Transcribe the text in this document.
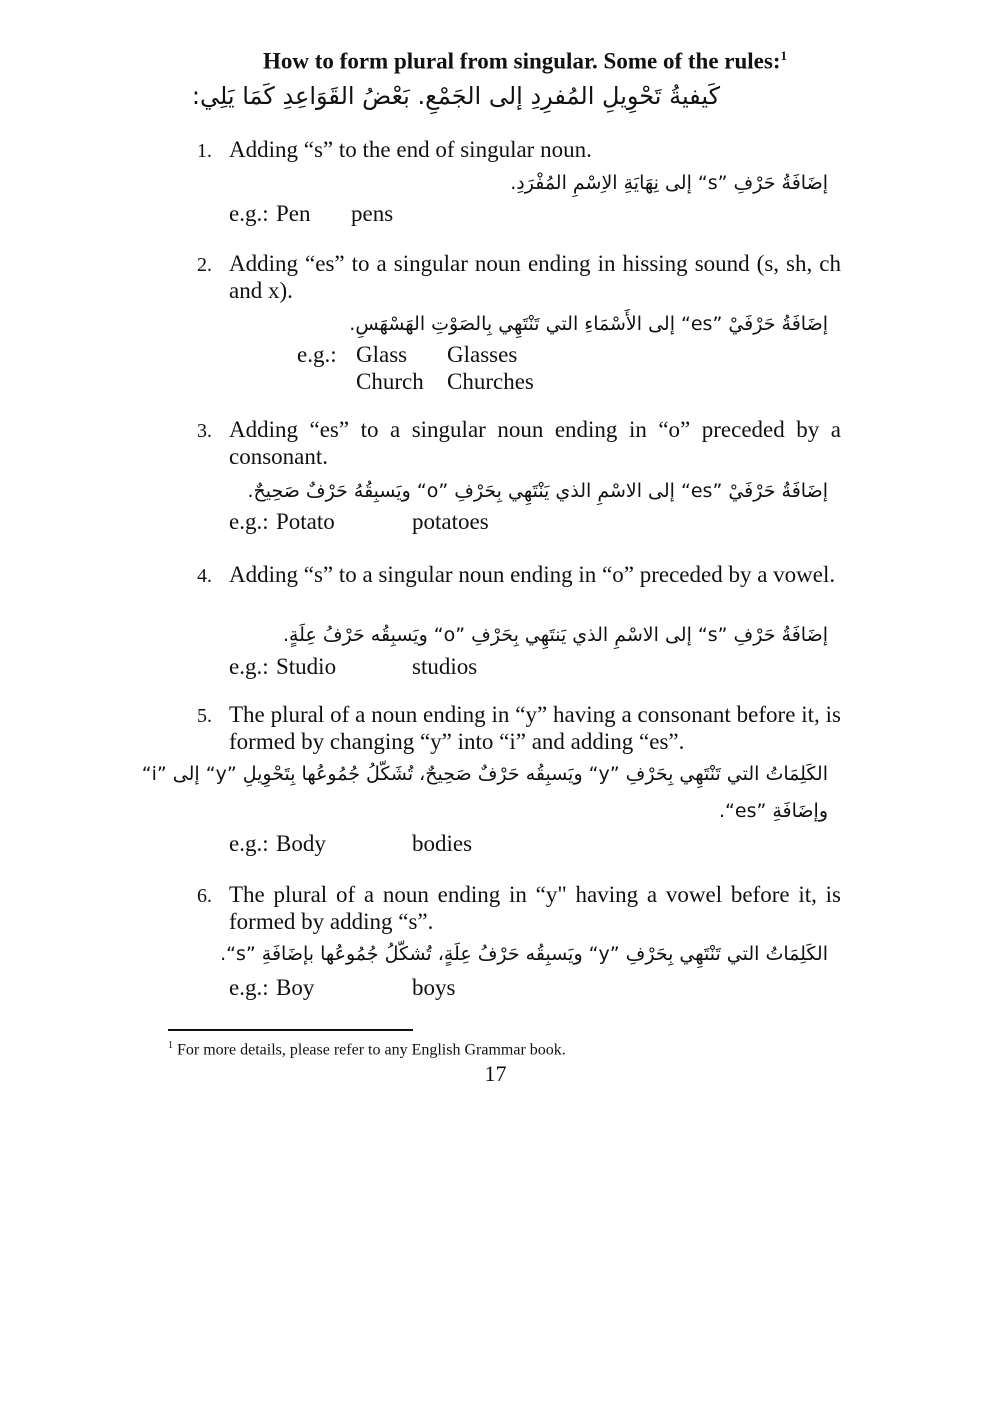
How to form plural from singular. Some of the rules:$^1$
كَيفيةُ تَحْوِيلِ المُفرِدِ إلى الجَمْعِ. بَعْضُ القَوَاعِدِ كَمَا يَلِي:
1. Adding “s” to the end of singular noun.
إضَافَةُ حَرْفِ ”s“ إلى نِهَايَةِ الاِسْمِ المُفْرَدِ.
e.g.: Pen pens
2. Adding “es” to a singular noun ending in hissing sound (s, sh, ch and x).
إضَافَةُ حَرْفَيْ ”es“ إلى الأَسْمَاءِ التي تَنْتَهِي بِالصَوْتِ الهَسْهَسِ.
e.g.: Glass Glasses
Church Churches
3. Adding “es” to a singular noun ending in “o” preceded by a consonant.
إضَافَةُ حَرْفَيْ ”es“ إلى الاسْمِ الذي يَنْتَهِي بِحَرْفِ ”o“ ويَسبِقُهُ حَرْفٌ صَحِيحٌ.
e.g.: Potato	potatoes
4. Adding “s” to a singular noun ending in “o” preceded by a vowel.
إضَافَةُ حَرْفِ ”s“ إلى الاسْمِ الذي يَنتَهِي بِحَرْفِ ”o“ ويَسبِقُه حَرْفُ عِلَةٍ.
e.g.: Studio	studios
5. The plural of a noun ending in “y” having a consonant before it, is formed by changing “y” into “i” and adding “es”.
الكَلِمَاتُ التي تَنْتَهِي بِحَرْفِ ”y“ ويَسبِقُه حَرْفٌ صَحِيحٌ، تُشَكّلُ جُمُوعُها بِتَحْوِيلِ ”y“ إلى ”i“
وإضَافَةِ ”es“.
e.g.: Body	bodies
6. The plural of a noun ending in “y" having a vowel before it, is formed by adding “s”.
الكَلِمَاتُ التي تَنْتَهِي بِحَرْفِ ”y“ ويَسبِقُه حَرْفُ عِلَةٍ، تُشكّلُ جُمُوعُها بإضَافَةِ ”s“.
e.g.: Boy	boys
$^1$ For more details, please refer to any English Grammar book.
17
